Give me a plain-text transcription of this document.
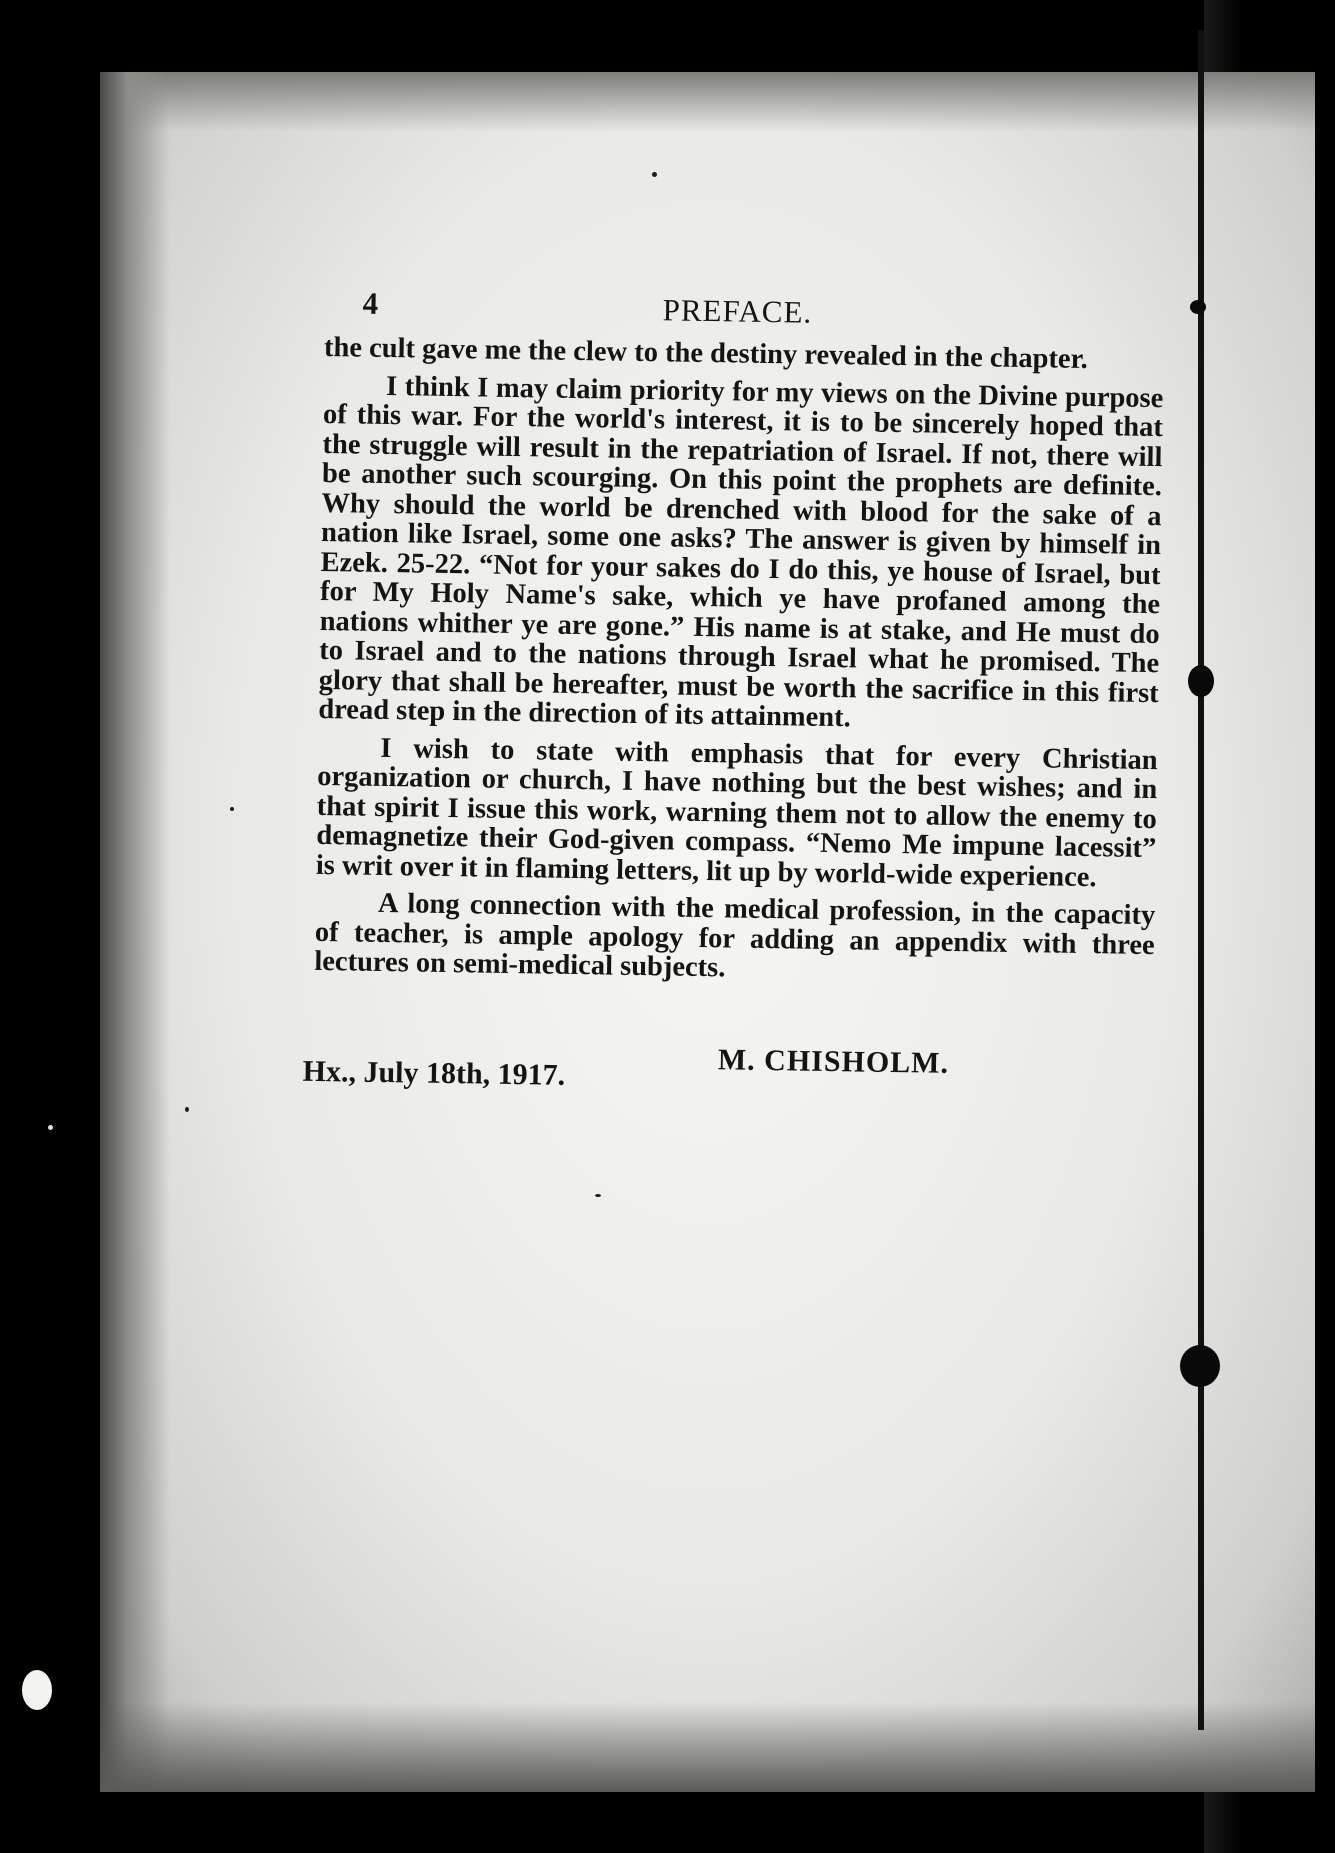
4	PREFACE.

the cult gave me the clew to the destiny revealed in the chapter.

I think I may claim priority for my views on the Divine purpose of this war. For the world's interest, it is to be sincerely hoped that the struggle will result in the repatriation of Israel. If not, there will be another such scourging. On this point the prophets are definite. Why should the world be drenched with blood for the sake of a nation like Israel, some one asks? The answer is given by himself in Ezek. 25-22. “Not for your sakes do I do this, ye house of Israel, but for My Holy Name's sake, which ye have profaned among the nations whither ye are gone.” His name is at stake, and He must do to Israel and to the nations through Israel what he promised. The glory that shall be hereafter, must be worth the sacrifice in this first dread step in the direction of its attainment.

I wish to state with emphasis that for every Christian organization or church, I have nothing but the best wishes; and in that spirit I issue this work, warning them not to allow the enemy to demagnetize their God-given compass. “Nemo Me impune lacessit” is writ over it in flaming letters, lit up by world-wide experience.

A long connection with the medical profession, in the capacity of teacher, is ample apology for adding an appendix with three lectures on semi-medical subjects.

Hx., July 18th, 1917.	M. CHISHOLM.
